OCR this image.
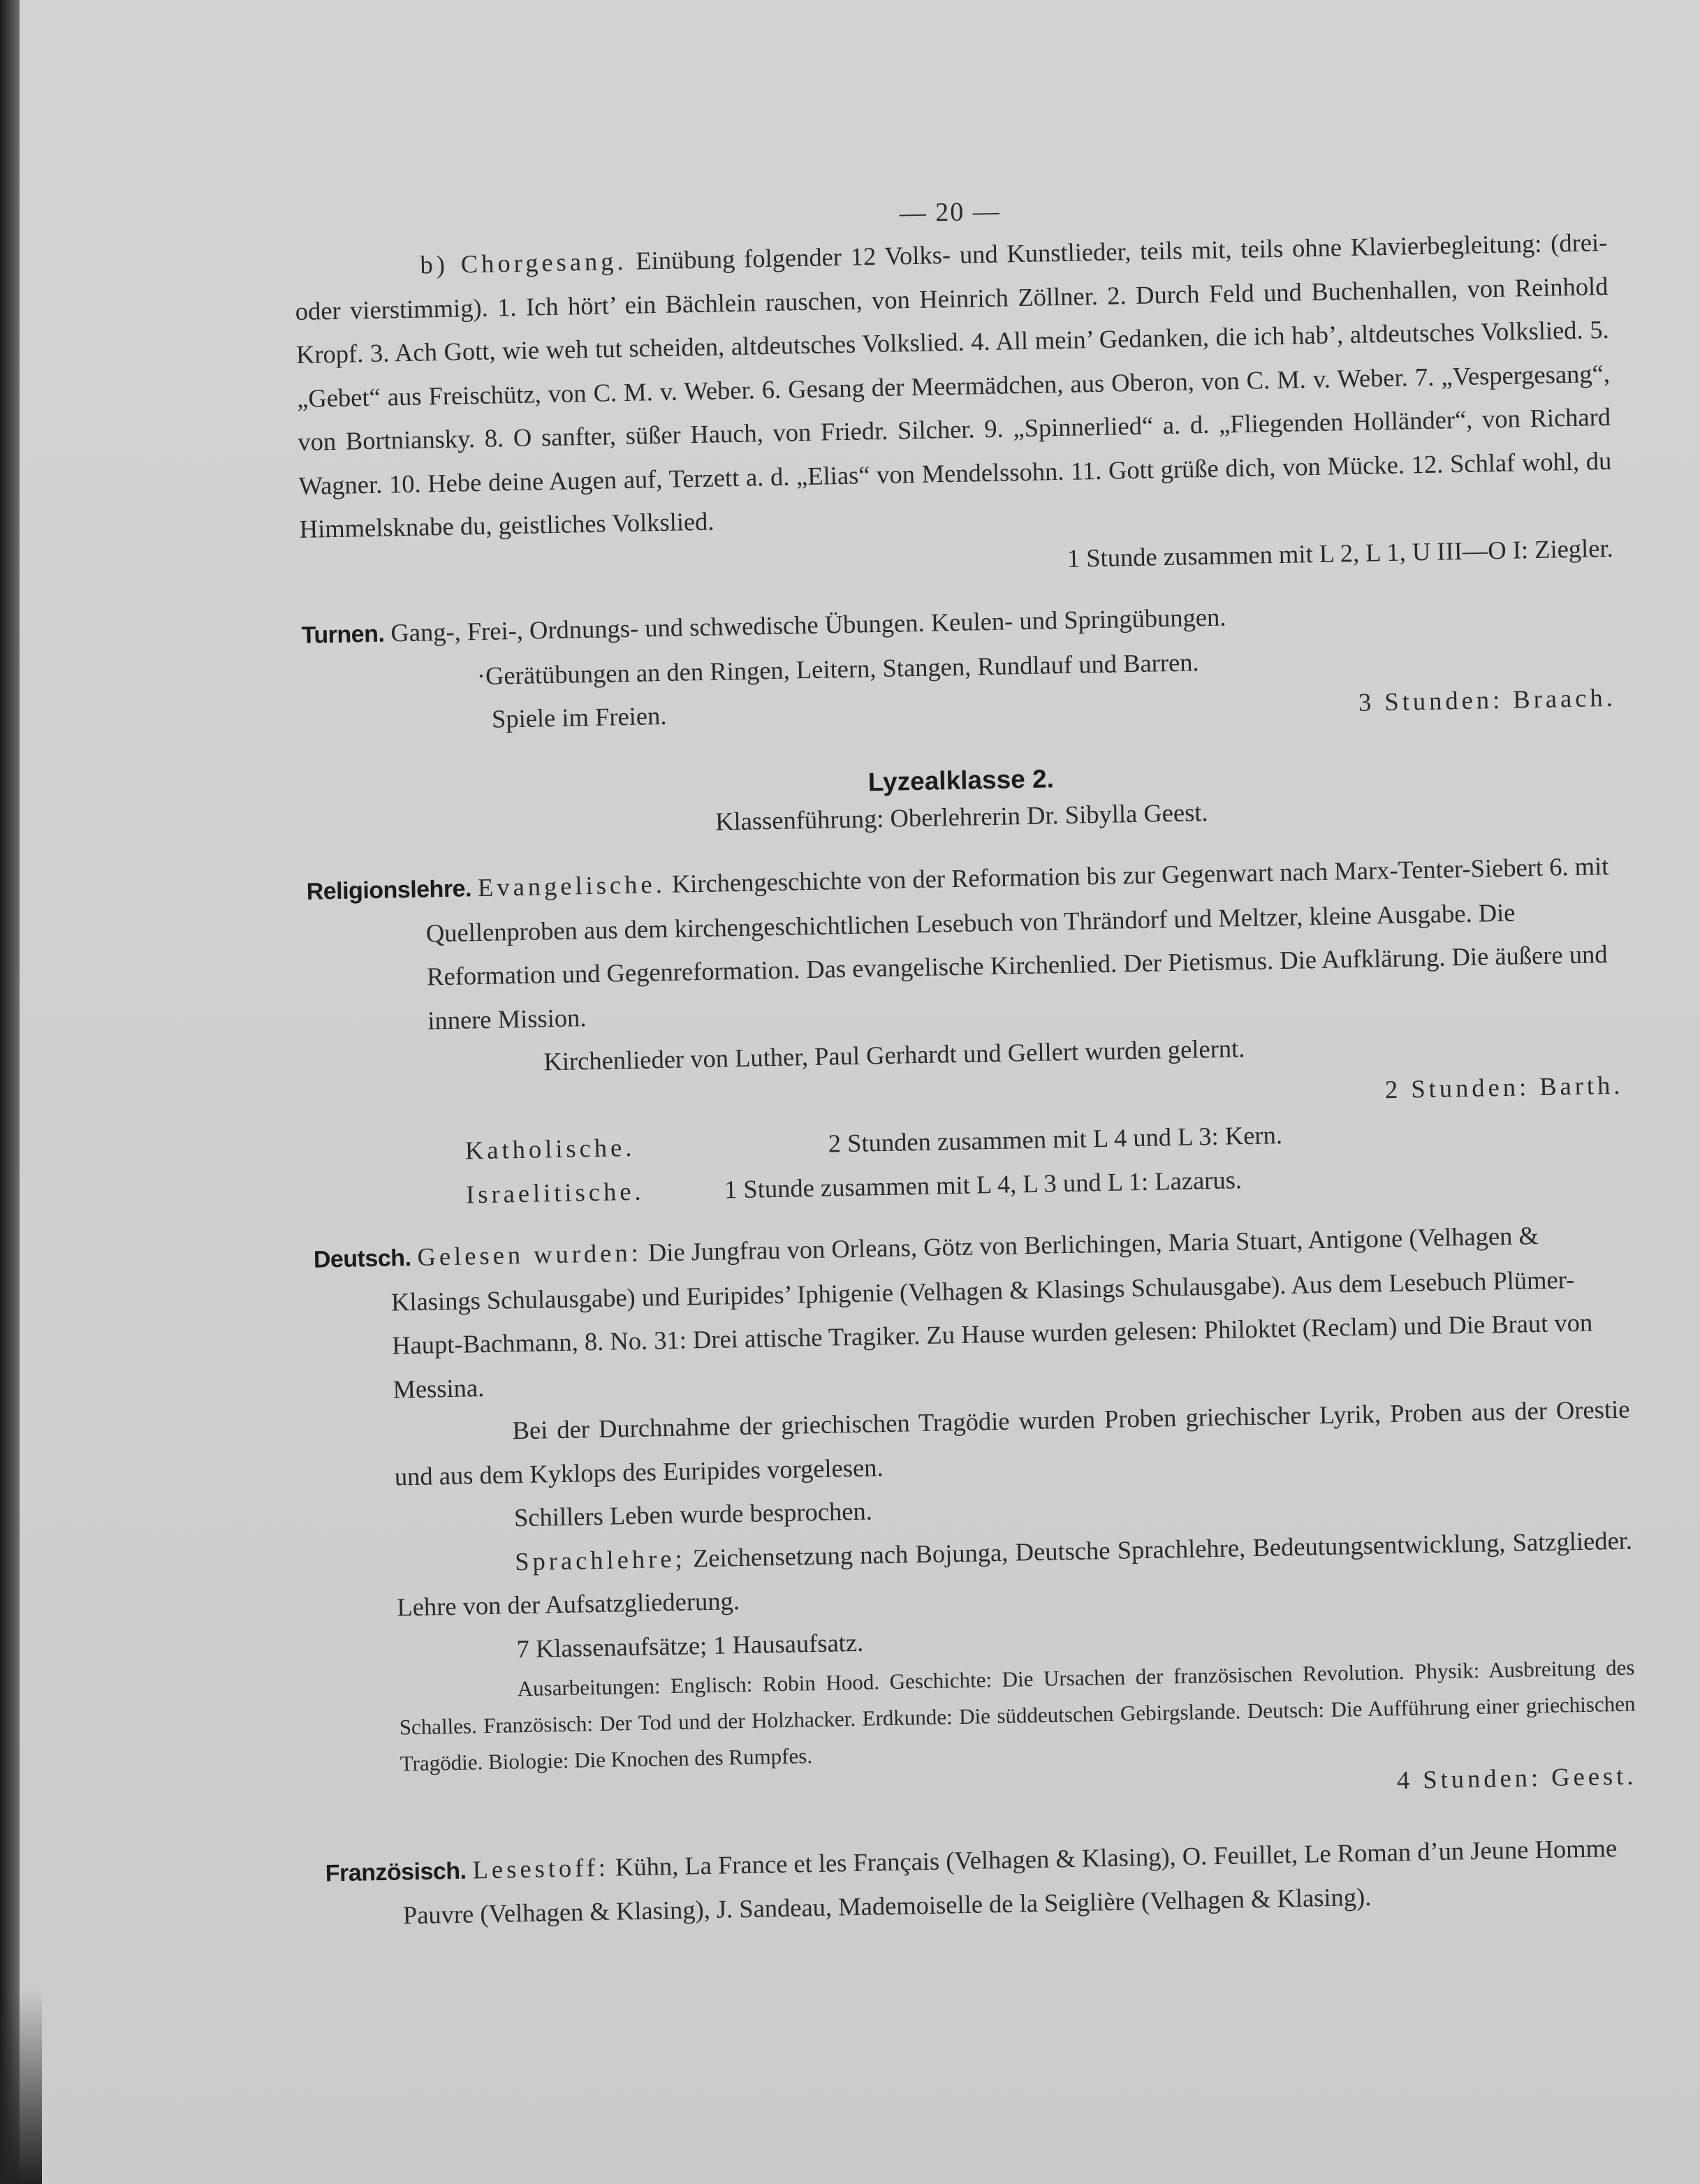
— 20 —

b) Chorgesang. Einübung folgender 12 Volks- und Kunstlieder, teils mit, teils ohne Klavierbegleitung: (drei- oder vierstimmig). 1. Ich hört’ ein Bächlein rauschen, von Heinrich Zöllner. 2. Durch Feld und Buchenhallen, von Reinhold Kropf. 3. Ach Gott, wie weh tut scheiden, altdeutsches Volkslied. 4. All mein’ Gedanken, die ich hab’, altdeutsches Volkslied. 5. „Gebet“ aus Freischütz, von C. M. v. Weber. 6. Gesang der Meermädchen, aus Oberon, von C. M. v. Weber. 7. „Vespergesang“, von Bortniansky. 8. O sanfter, süßer Hauch, von Friedr. Silcher. 9. „Spinnerlied“ a. d. „Fliegenden Holländer“, von Richard Wagner. 10. Hebe deine Augen auf, Terzett a. d. „Elias“ von Mendelssohn. 11. Gott grüße dich, von Mücke. 12. Schlaf wohl, du Himmelsknabe du, geistliches Volkslied.

1 Stunde zusammen mit L 2, L 1, U III—O I: Ziegler.

Turnen. Gang-, Frei-, Ordnungs- und schwedische Übungen. Keulen- und Springübungen.
·Gerätübungen an den Ringen, Leitern, Stangen, Rundlauf und Barren.
Spiele im Freien.
3 Stunden: Braach.
Lyzealklasse 2.

Klassenführung: Oberlehrerin Dr. Sibylla Geest.

Religionslehre. Evangelische. Kirchengeschichte von der Reformation bis zur Gegenwart nach Marx-Tenter-Siebert 6. mit Quellenproben aus dem kirchengeschichtlichen Lesebuch von Thrändorf und Meltzer, kleine Ausgabe. Die Reformation und Gegenreformation. Das evangelische Kirchenlied. Der Pietismus. Die Aufklärung. Die äußere und innere Mission.

Kirchenlieder von Luther, Paul Gerhardt und Gellert wurden gelernt.

2 Stunden: Barth.

Katholische.	2 Stunden zusammen mit L 4 und L 3: Kern.

Israelitische.	1 Stunde zusammen mit L 4, L 3 und L 1: Lazarus.

Deutsch. Gelesen wurden: Die Jungfrau von Orleans, Götz von Berlichingen, Maria Stuart, Antigone (Velhagen & Klasings Schulausgabe) und Euripides’ Iphigenie (Velhagen & Klasings Schulausgabe). Aus dem Lesebuch Plümer-Haupt-Bachmann, 8. No. 31: Drei attische Tragiker. Zu Hause wurden gelesen: Philoktet (Reclam) und Die Braut von Messina.

Bei der Durchnahme der griechischen Tragödie wurden Proben griechischer Lyrik, Proben aus der Orestie und aus dem Kyklops des Euripides vorgelesen.

Schillers Leben wurde besprochen.

Sprachlehre; Zeichensetzung nach Bojunga, Deutsche Sprachlehre, Bedeutungsentwicklung, Satzglieder. Lehre von der Aufsatzgliederung.

7 Klassenaufsätze; 1 Hausaufsatz.

Ausarbeitungen: Englisch: Robin Hood. Geschichte: Die Ursachen der französischen Revolution. Physik: Ausbreitung des Schalles. Französisch: Der Tod und der Holzhacker. Erdkunde: Die süddeutschen Gebirgslande. Deutsch: Die Aufführung einer griechischen Tragödie. Biologie: Die Knochen des Rumpfes.

4 Stunden: Geest.

Französisch. Lesestoff: Kühn, La France et les Français (Velhagen & Klasing), O. Feuillet, Le Roman d’un Jeune Homme Pauvre (Velhagen & Klasing), J. Sandeau, Mademoiselle de la Seiglière (Velhagen & Klasing).
